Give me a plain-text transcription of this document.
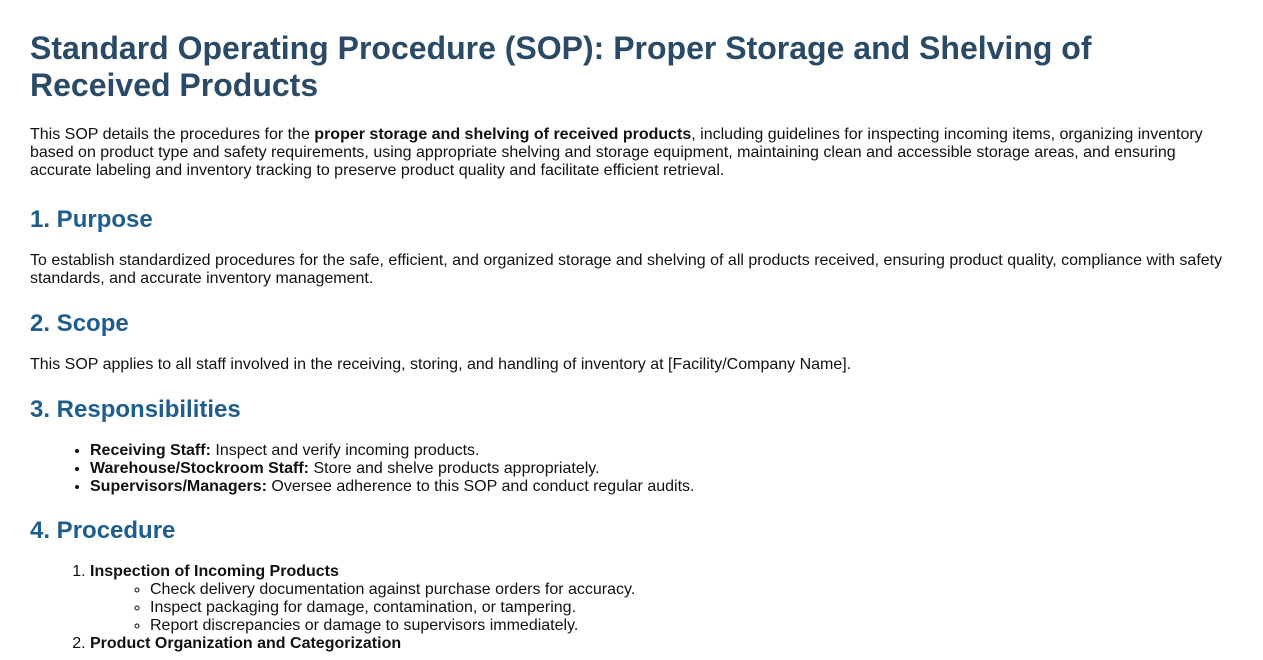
Standard Operating Procedure (SOP): Proper Storage and Shelving of Received Products

This SOP details the procedures for the proper storage and shelving of received products, including guidelines for inspecting incoming items, organizing inventory based on product type and safety requirements, using appropriate shelving and storage equipment, maintaining clean and accessible storage areas, and ensuring accurate labeling and inventory tracking to preserve product quality and facilitate efficient retrieval.

1. Purpose

To establish standardized procedures for the safe, efficient, and organized storage and shelving of all products received, ensuring product quality, compliance with safety standards, and accurate inventory management.

2. Scope

This SOP applies to all staff involved in the receiving, storing, and handling of inventory at [Facility/Company Name].

3. Responsibilities
• Receiving Staff: Inspect and verify incoming products.
• Warehouse/Stockroom Staff: Store and shelve products appropriately.
• Supervisors/Managers: Oversee adherence to this SOP and conduct regular audits.
4. Procedure
1. Inspection of Incoming Products
◦ Check delivery documentation against purchase orders for accuracy.
◦ Inspect packaging for damage, contamination, or tampering.
◦ Report discrepancies or damage to supervisors immediately.
2. Product Organization and Categorization
